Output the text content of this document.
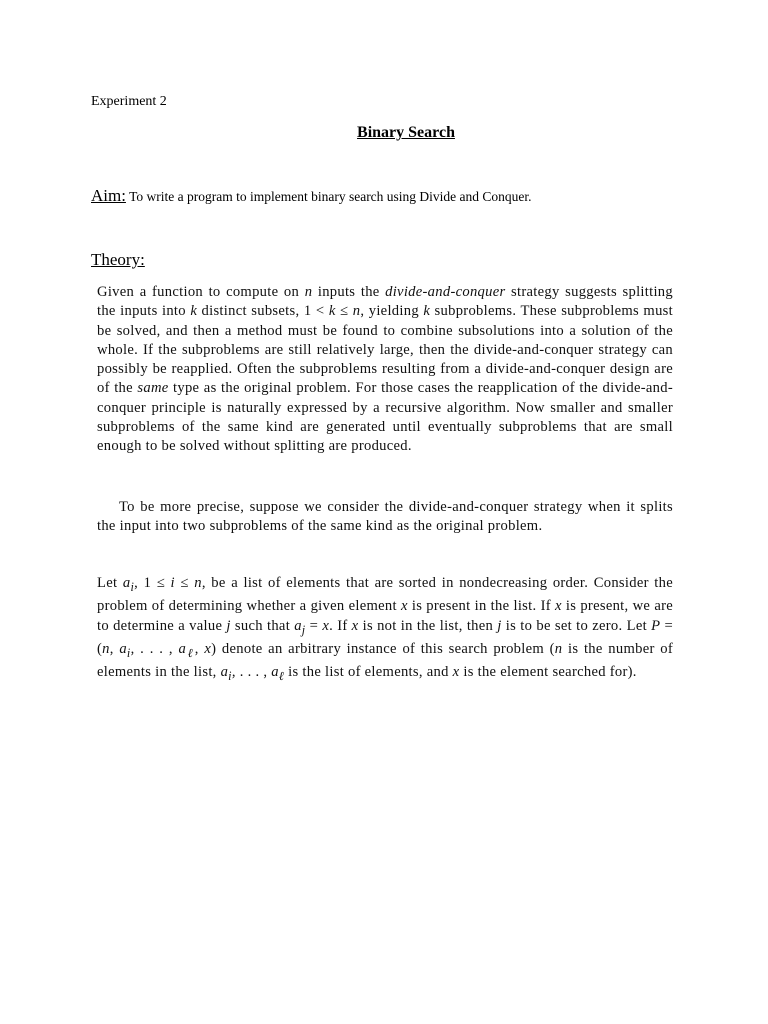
Experiment 2
Binary Search
Aim: To write a program to implement binary search using Divide and Conquer.
Theory:

Given a function to compute on n inputs the divide-and-conquer strategy suggests splitting the inputs into k distinct subsets, 1 < k ≤ n, yielding k subproblems. These subproblems must be solved, and then a method must be found to combine subsolutions into a solution of the whole. If the subproblems are still relatively large, then the divide-and-conquer strategy can possibly be reapplied. Often the subproblems resulting from a divide-and-conquer design are of the same type as the original problem. For those cases the reapplication of the divide-and-conquer principle is naturally expressed by a recursive algorithm. Now smaller and smaller subproblems of the same kind are generated until eventually subproblems that are small enough to be solved without splitting are produced.

To be more precise, suppose we consider the divide-and-conquer strategy when it splits the input into two subproblems of the same kind as the original problem.

Let $a_i$, 1 ≤ i ≤ n, be a list of elements that are sorted in nondecreasing order. Consider the problem of determining whether a given element x is present in the list. If x is present, we are to determine a value j such that $a_j = x$. If x is not in the list, then j is to be set to zero. Let P = (n, $a_i$, . . . , $a_\ell$, x) denote an arbitrary instance of this search problem (n is the number of elements in the list, $a_i$, . . . , $a_\ell$ is the list of elements, and x is the element searched for).
